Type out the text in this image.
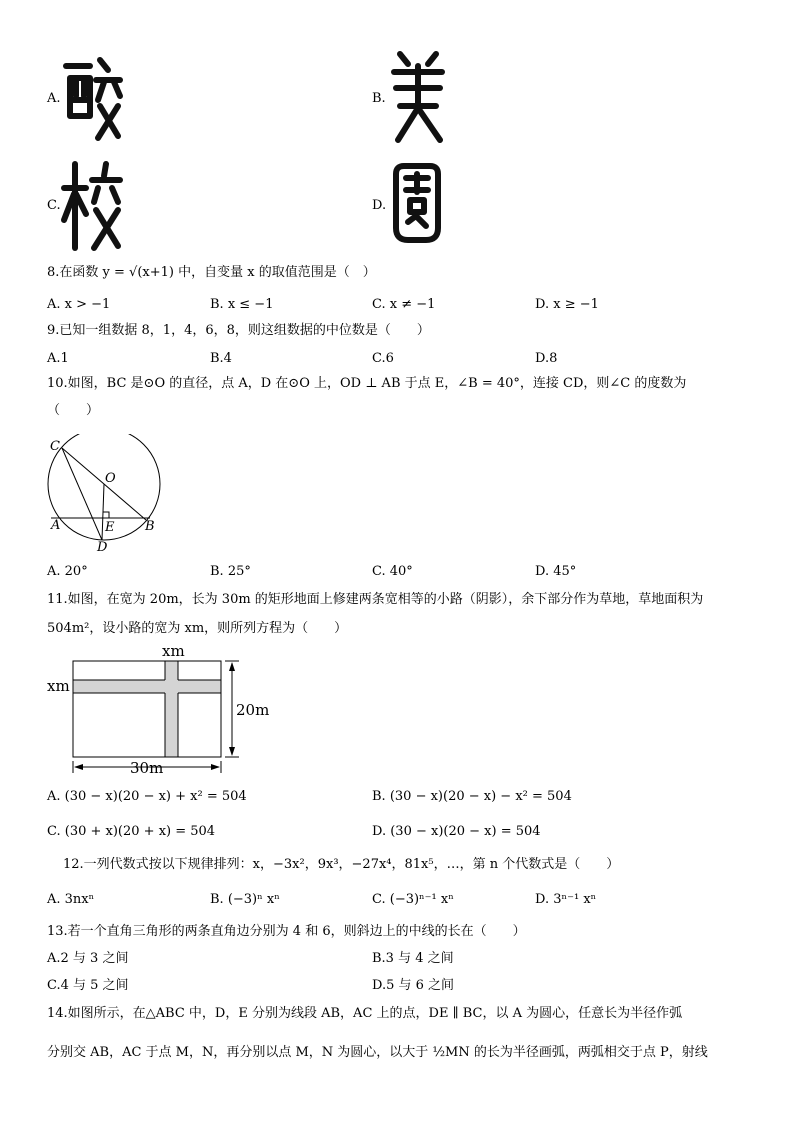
A.	B.
C.	D.
8.在函数 y = √(x+1) 中，自变量 x 的取值范围是（　）
A. x > −1	B. x ≤ −1	C. x ≠ −1	D. x ≥ −1
9.已知一组数据 8，1，4，6，8，则这组数据的中位数是（　　）
A.1	B.4	C.6	D.8
10.如图，BC 是⊙O 的直径，点 A，D 在⊙O 上，OD ⊥ AB 于点 E，∠B = 40°，连接 CD，则∠C 的度数为
（　　）
C
O
A	E B
D
A. 20°	B. 25°	C. 40°	D. 45°
11.如图，在宽为 20m，长为 30m 的矩形地面上修建两条宽相等的小路（阴影），余下部分作为草地，草地面积为
504m²，设小路的宽为 xm，则所列方程为（　　）
xm
xm
20m
30m
A. (30 − x)(20 − x) + x² = 504	B. (30 − x)(20 − x) − x² = 504
C. (30 + x)(20 + x) = 504	D. (30 − x)(20 − x) = 504
12.一列代数式按以下规律排列：x，−3x²，9x³，−27x⁴，81x⁵，…，第 n 个代数式是（　　）
A. 3nxⁿ	B. (−3)ⁿ xⁿ	C. (−3)ⁿ⁻¹ xⁿ	D. 3ⁿ⁻¹ xⁿ
13.若一个直角三角形的两条直角边分别为 4 和 6，则斜边上的中线的长在（　　）
A.2 与 3 之间	B.3 与 4 之间
C.4 与 5 之间	D.5 与 6 之间
14.如图所示，在△ABC 中，D，E 分别为线段 AB，AC 上的点，DE ∥ BC，以 A 为圆心，任意长为半径作弧
分别交 AB，AC 于点 M，N，再分别以点 M，N 为圆心，以大于 ½MN 的长为半径画弧，两弧相交于点 P，射线
